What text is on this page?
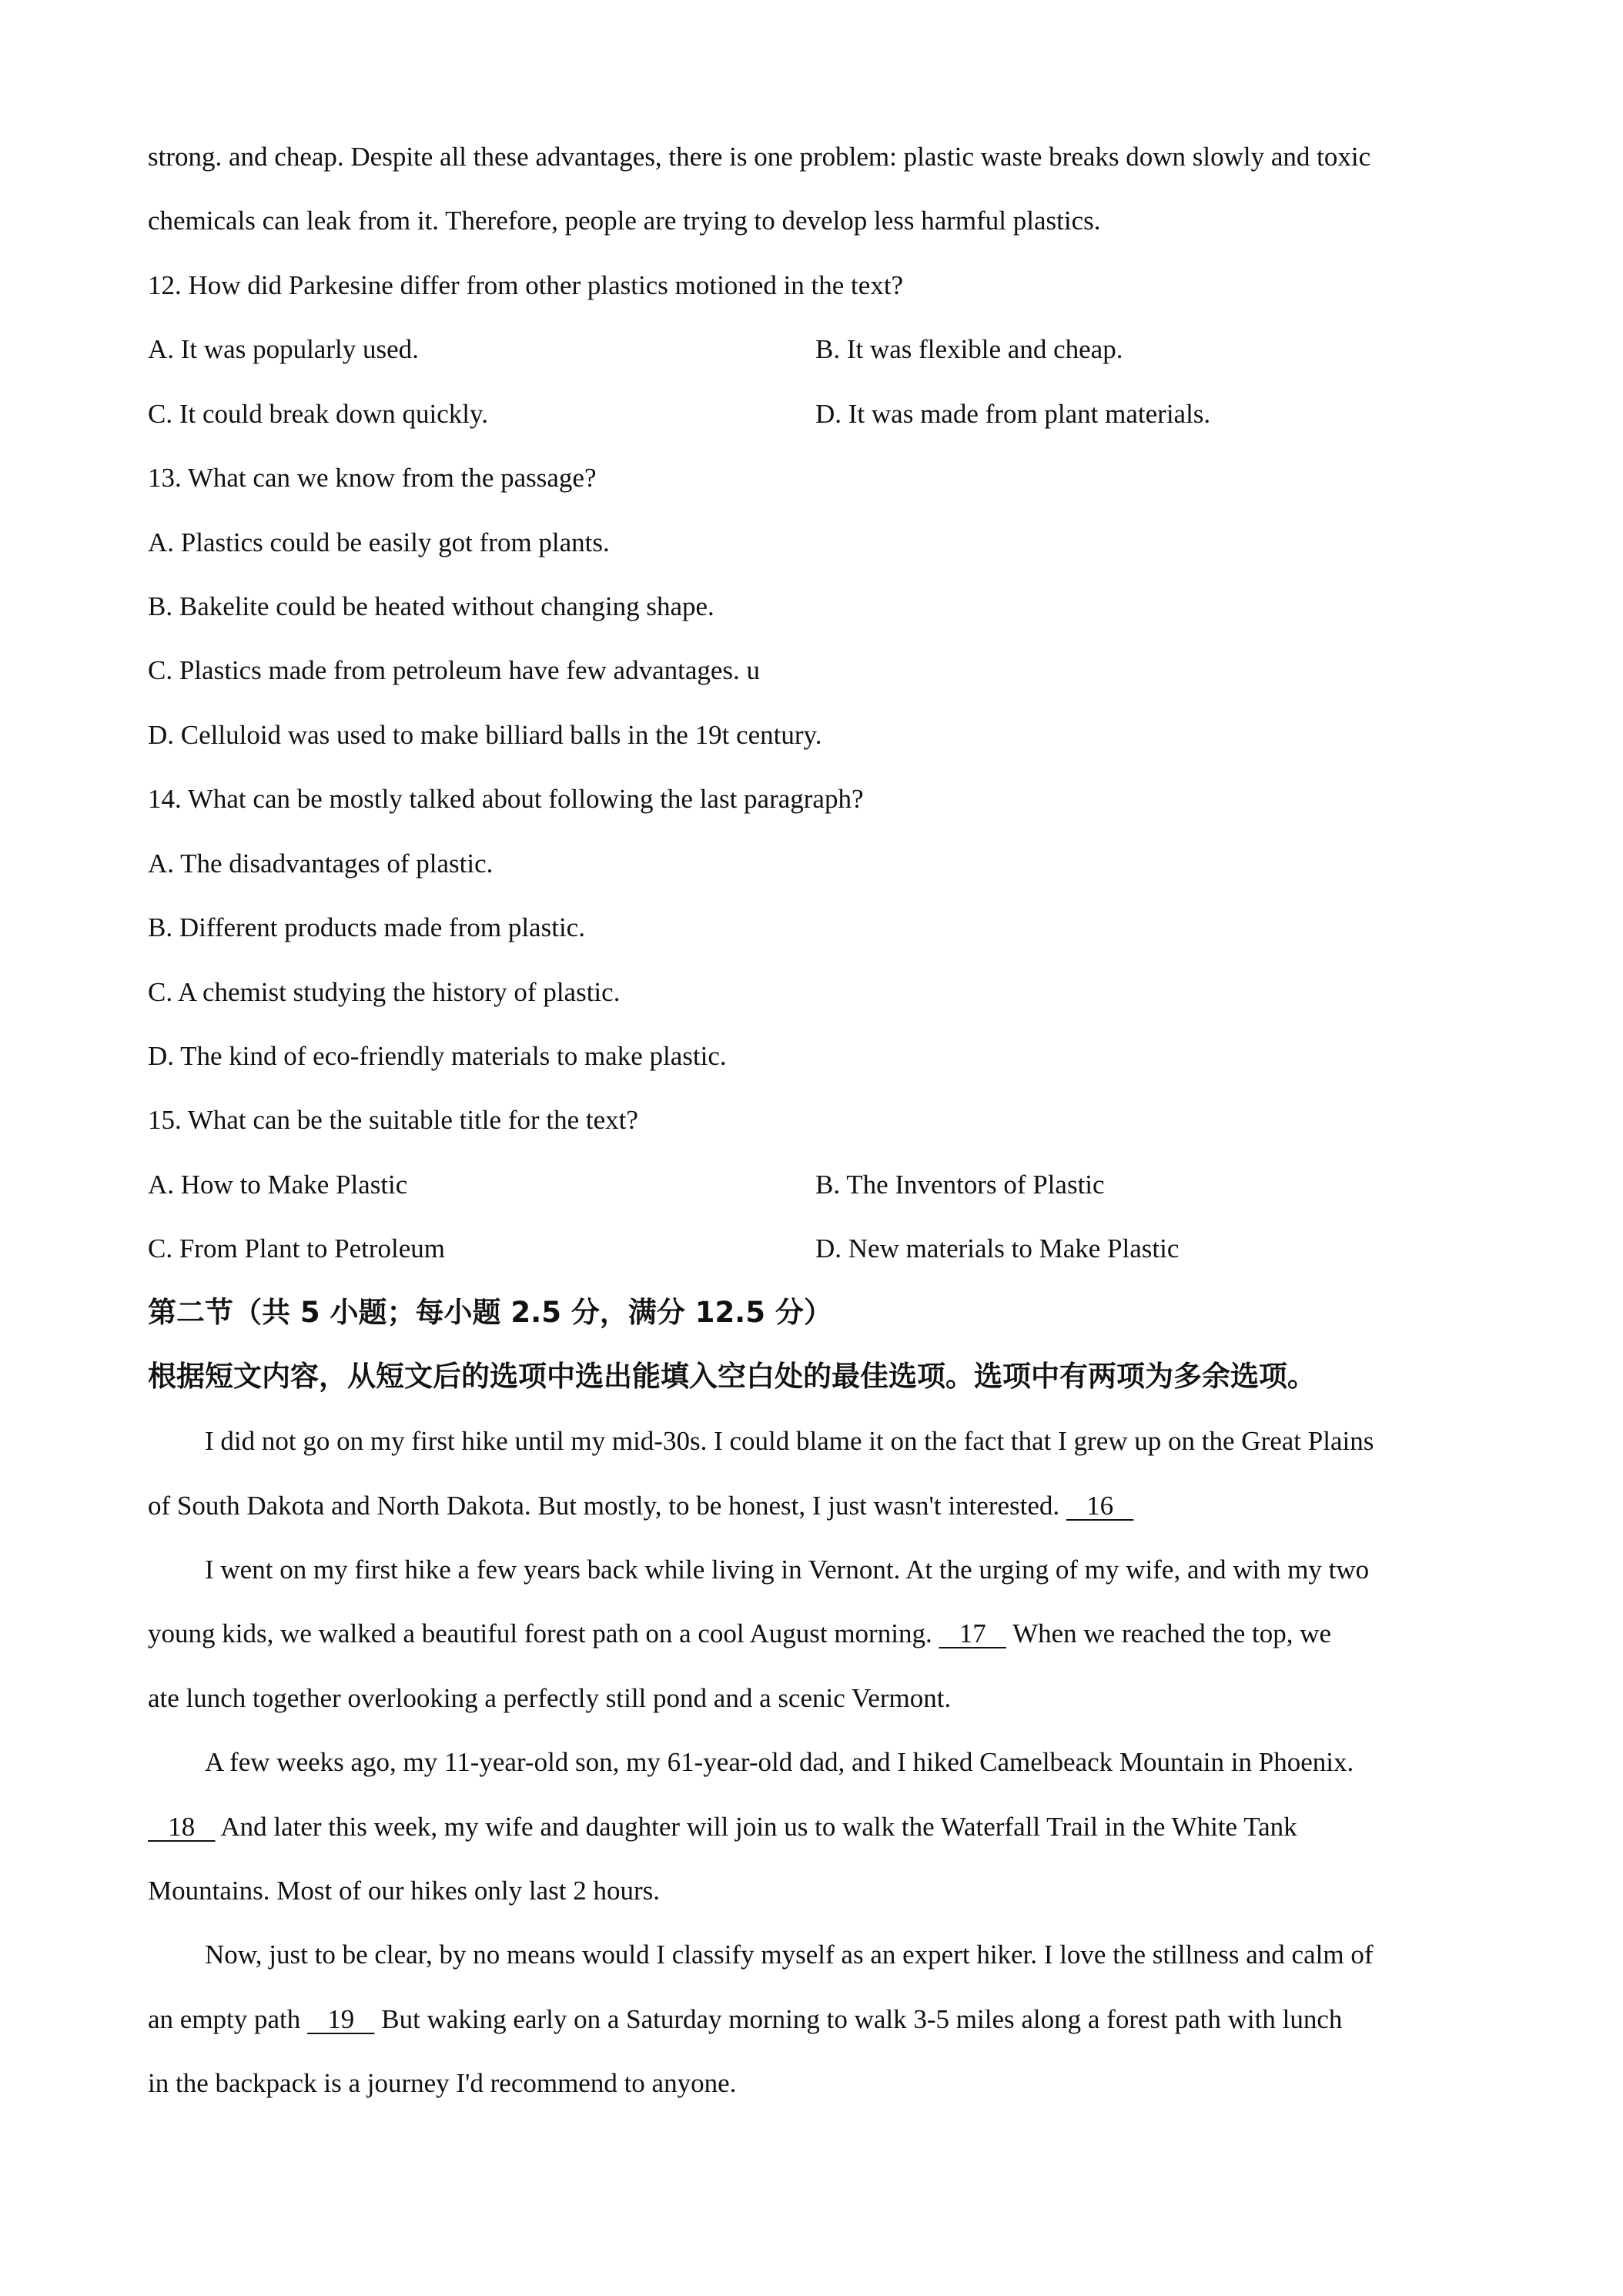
strong. and cheap. Despite all these advantages, there is one problem: plastic waste breaks down slowly and toxic
chemicals can leak from it. Therefore, people are trying to develop less harmful plastics.
12. How did Parkesine differ from other plastics motioned in the text?
A. It was popularly used.	B. It was flexible and cheap.
C. It could break down quickly.	D. It was made from plant materials.
13. What can we know from the passage?
A. Plastics could be easily got from plants.
B. Bakelite could be heated without changing shape.
C. Plastics made from petroleum have few advantages. u
D. Celluloid was used to make billiard balls in the 19t century.
14. What can be mostly talked about following the last paragraph?
A. The disadvantages of plastic.
B. Different products made from plastic.
C. A chemist studying the history of plastic.
D. The kind of eco-friendly materials to make plastic.
15. What can be the suitable title for the text?
A. How to Make Plastic	B. The Inventors of Plastic
C. From Plant to Petroleum	D. New materials to Make Plastic
第二节（共 5 小题；每小题 2.5 分，满分 12.5 分）
根据短文内容，从短文后的选项中选出能填入空白处的最佳选项。选项中有两项为多余选项。
I did not go on my first hike until my mid-30s. I could blame it on the fact that I grew up on the Great Plains
of South Dakota and North Dakota. But mostly, to be honest, I just wasn't interested.    16
I went on my first hike a few years back while living in Vernont. At the urging of my wife, and with my two
young kids, we walked a beautiful forest path on a cool August morning.    17    When we reached the top, we
ate lunch together overlooking a perfectly still pond and a scenic Vermont.
A few weeks ago, my 11-year-old son, my 61-year-old dad, and I hiked Camelbeack Mountain in Phoenix.
18    And later this week, my wife and daughter will join us to walk the Waterfall Trail in the White Tank
Mountains. Most of our hikes only last 2 hours.
Now, just to be clear, by no means would I classify myself as an expert hiker. I love the stillness and calm of
an empty path    19    But waking early on a Saturday morning to walk 3-5 miles along a forest path with lunch
in the backpack is a journey I'd recommend to anyone.
